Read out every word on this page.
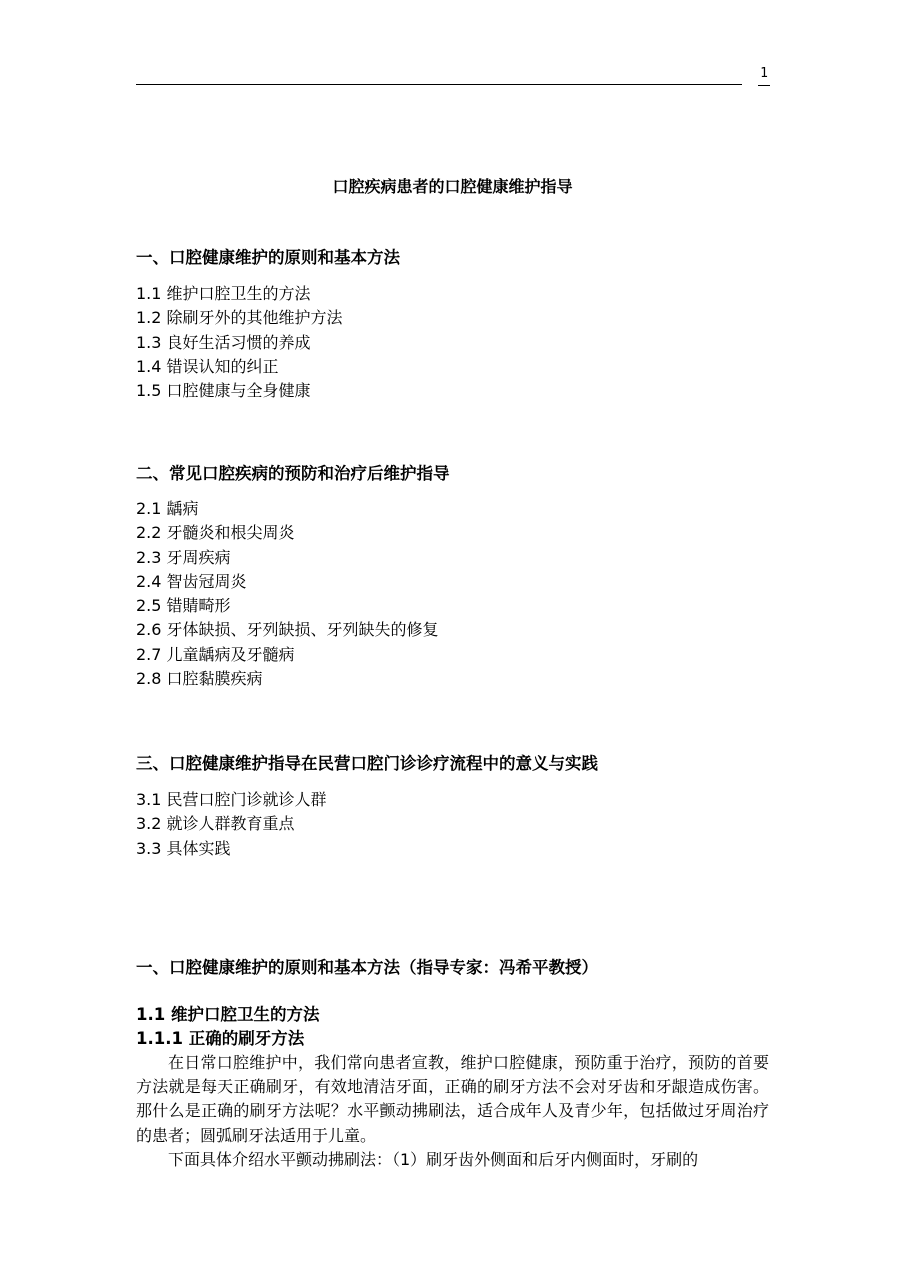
1
口腔疾病患者的口腔健康维护指导
一、口腔健康维护的原则和基本方法
1.1 维护口腔卫生的方法
1.2 除刷牙外的其他维护方法
1.3 良好生活习惯的养成
1.4 错误认知的纠正
1.5 口腔健康与全身健康
二、常见口腔疾病的预防和治疗后维护指导
2.1 龋病
2.2 牙髓炎和根尖周炎
2.3 牙周疾病
2.4 智齿冠周炎
2.5 错䝼畸形
2.6 牙体缺损、牙列缺损、牙列缺失的修复
2.7 儿童龋病及牙髓病
2.8 口腔黏膜疾病
三、口腔健康维护指导在民营口腔门诊诊疗流程中的意义与实践
3.1 民营口腔门诊就诊人群
3.2 就诊人群教育重点
3.3 具体实践
一、口腔健康维护的原则和基本方法（指导专家：冯希平教授）
1.1 维护口腔卫生的方法
1.1.1 正确的刷牙方法

在日常口腔维护中，我们常向患者宣教，维护口腔健康，预防重于治疗，预防的首要方法就是每天正确刷牙，有效地清洁牙面，正确的刷牙方法不会对牙齿和牙龈造成伤害。那什么是正确的刷牙方法呢？水平颤动拂刷法，适合成年人及青少年，包括做过牙周治疗的患者；圆弧刷牙法适用于儿童。

下面具体介绍水平颤动拂刷法：（1）刷牙齿外侧面和后牙内侧面时，牙刷的
